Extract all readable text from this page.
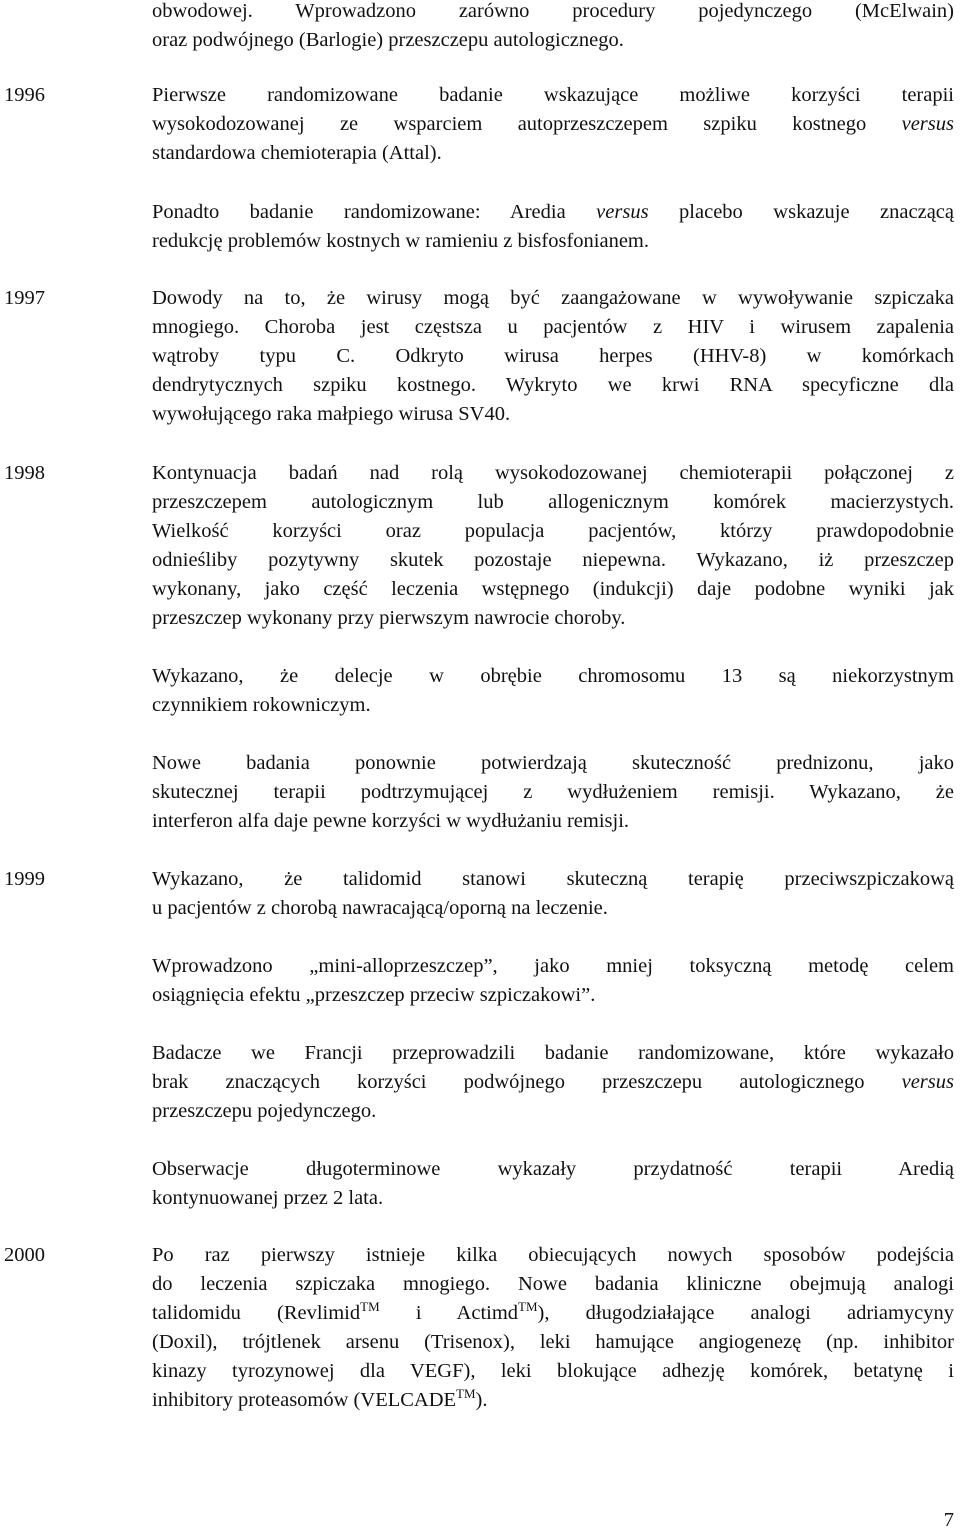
obwodowej. Wprowadzono zarówno procedury pojedynczego (McElwain)
oraz podwójnego (Barlogie) przeszczepu autologicznego.
1996	Pierwsze randomizowane badanie wskazujące możliwe korzyści terapii
wysokodozowanej ze wsparciem autoprzeszczepem szpiku kostnego versus
standardowa chemioterapia (Attal).
Ponadto badanie randomizowane: Aredia versus placebo wskazuje znaczącą
redukcję problemów kostnych w ramieniu z bisfosfonianem.
1997	Dowody na to, że wirusy mogą być zaangażowane w wywoływanie szpiczaka
mnogiego. Choroba jest częstsza u pacjentów z HIV i wirusem zapalenia
wątroby typu C. Odkryto wirusa herpes (HHV-8) w komórkach
dendrytycznych szpiku kostnego. Wykryto we krwi RNA specyficzne dla
wywołującego raka małpiego wirusa SV40.
1998	Kontynuacja badań nad rolą wysokodozowanej chemioterapii połączonej z
przeszczepem autologicznym lub allogenicznym komórek macierzystych.
Wielkość korzyści oraz populacja pacjentów, którzy prawdopodobnie
odnieśliby pozytywny skutek pozostaje niepewna. Wykazano, iż przeszczep
wykonany, jako część leczenia wstępnego (indukcji) daje podobne wyniki jak
przeszczep wykonany przy pierwszym nawrocie choroby.
Wykazano, że delecje w obrębie chromosomu 13 są niekorzystnym
czynnikiem rokowniczym.
Nowe badania ponownie potwierdzają skuteczność prednizonu, jako
skutecznej terapii podtrzymującej z wydłużeniem remisji. Wykazano, że
interferon alfa daje pewne korzyści w wydłużaniu remisji.
1999	Wykazano, że talidomid stanowi skuteczną terapię przeciwszpiczakową
u pacjentów z chorobą nawracającą/oporną na leczenie.
Wprowadzono „mini-alloprzeszczep”, jako mniej toksyczną metodę celem
osiągnięcia efektu „przeszczep przeciw szpiczakowi”.
Badacze we Francji przeprowadzili badanie randomizowane, które wykazało
brak znaczących korzyści podwójnego przeszczepu autologicznego versus
przeszczepu pojedynczego.
Obserwacje długoterminowe wykazały przydatność terapii Aredią
kontynuowanej przez 2 lata.
2000	Po raz pierwszy istnieje kilka obiecujących nowych sposobów podejścia
do leczenia szpiczaka mnogiego. Nowe badania kliniczne obejmują analogi
talidomidu (Revlimid™ i Actimd™), długodziałające analogi adriamycyny
(Doxil), trójtlenek arsenu (Trisenox), leki hamujące angiogenezę (np. inhibitor
kinazy tyrozynowej dla VEGF), leki blokujące adhezję komórek, betatynę i
inhibitory proteasomów (VELCADE™).
7
